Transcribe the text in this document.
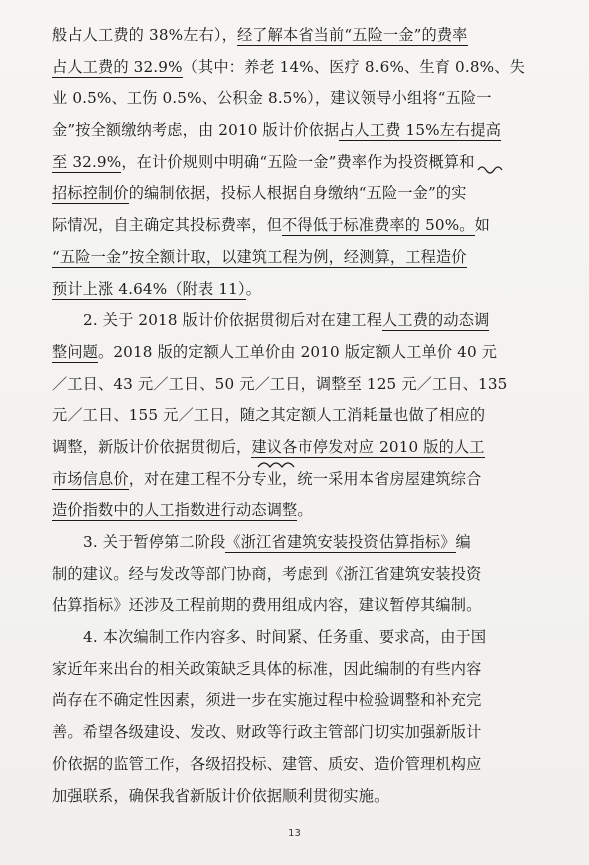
般占人工费的 38%左右），经了解本省当前“五险一金”的费率
占人工费的 32.9%（其中：养老 14%、医疗 8.6%、生育 0.8%、失
业 0.5%、工伤 0.5%、公积金 8.5%），建议领导小组将“五险一
金”按全额缴纳考虑，由 2010 版计价依据占人工费 15%左右提高
至 32.9%，在计价规则中明确“五险一金”费率作为投资概算和
招标控制价的编制依据，投标人根据自身缴纳“五险一金”的实
际情况，自主确定其投标费率，但不得低于标准费率的 50%。如
“五险一金”按全额计取，以建筑工程为例，经测算，工程造价
预计上涨 4.64%（附表 11）。
2. 关于 2018 版计价依据贯彻后对在建工程人工费的动态调
整问题。2018 版的定额人工单价由 2010 版定额人工单价 40 元
／工日、43 元／工日、50 元／工日，调整至 125 元／工日、135
元／工日、155 元／工日，随之其定额人工消耗量也做了相应的
调整，新版计价依据贯彻后，建议各市停发对应 2010 版的人工
市场信息价，对在建工程不分专业，统一采用本省房屋建筑综合
造价指数中的人工指数进行动态调整。
3. 关于暂停第二阶段《浙江省建筑安装投资估算指标》编
制的建议。经与发改等部门协商，考虑到《浙江省建筑安装投资
估算指标》还涉及工程前期的费用组成内容，建议暂停其编制。
4. 本次编制工作内容多、时间紧、任务重、要求高，由于国
家近年来出台的相关政策缺乏具体的标准，因此编制的有些内容
尚存在不确定性因素，须进一步在实施过程中检验调整和补充完
善。希望各级建设、发改、财政等行政主管部门切实加强新版计
价依据的监管工作，各级招投标、建管、质安、造价管理机构应
加强联系，确保我省新版计价依据顺利贯彻实施。
13
